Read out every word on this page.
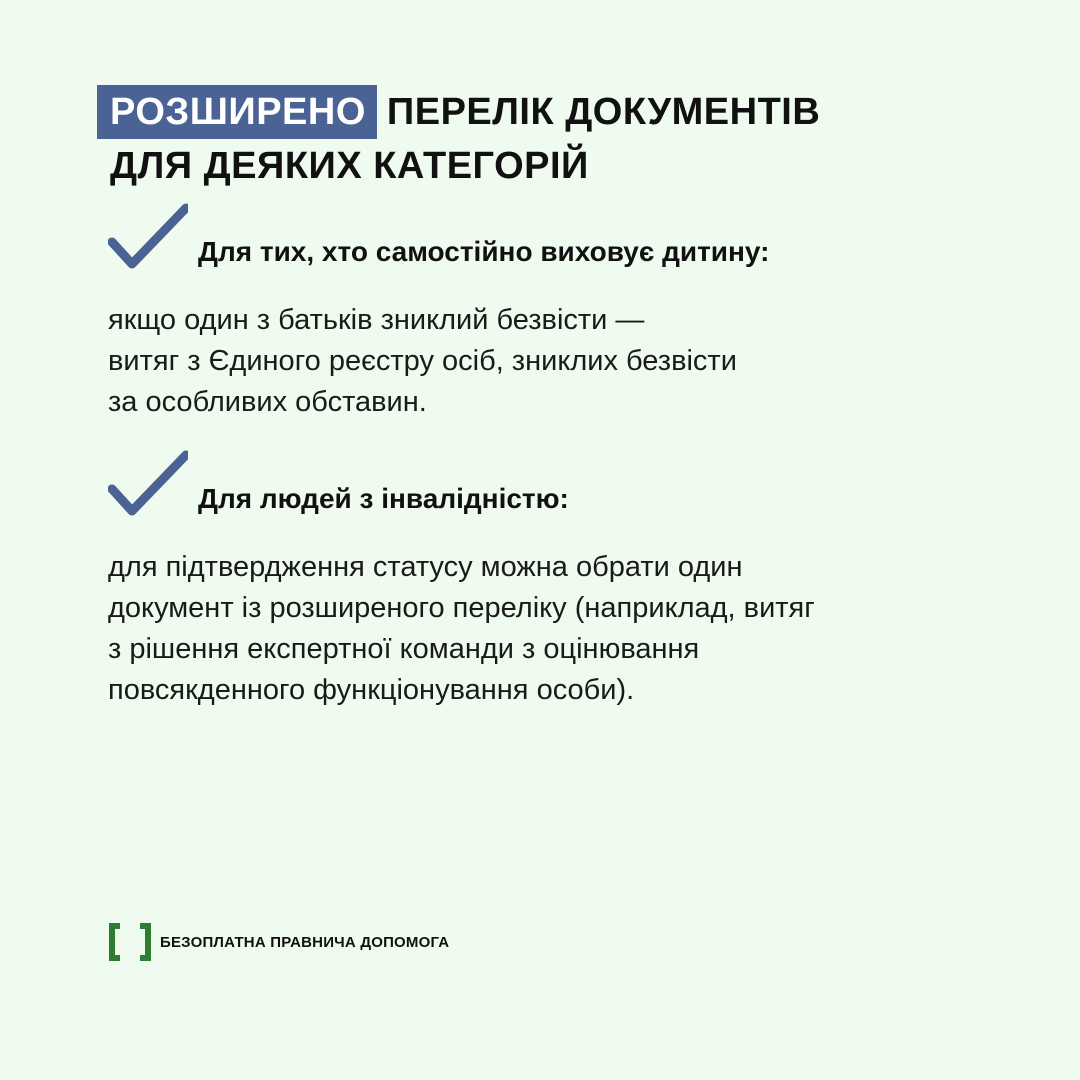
РОЗШИРЕНО ПЕРЕЛІК ДОКУМЕНТІВ
ДЛЯ ДЕЯКИХ КАТЕГОРІЙ
Для тих, хто самостійно виховує дитину:
якщо один з батьків зниклий безвісти —
витяг з Єдиного реєстру осіб, зниклих безвісти
за особливих обставин.
Для людей з інвалідністю:
для підтвердження статусу можна обрати один
документ із розширеного переліку (наприклад, витяг
з рішення експертної команди з оцінювання
повсякденного функціонування особи).
БЕЗОПЛАТНА ПРАВНИЧА ДОПОМОГА
